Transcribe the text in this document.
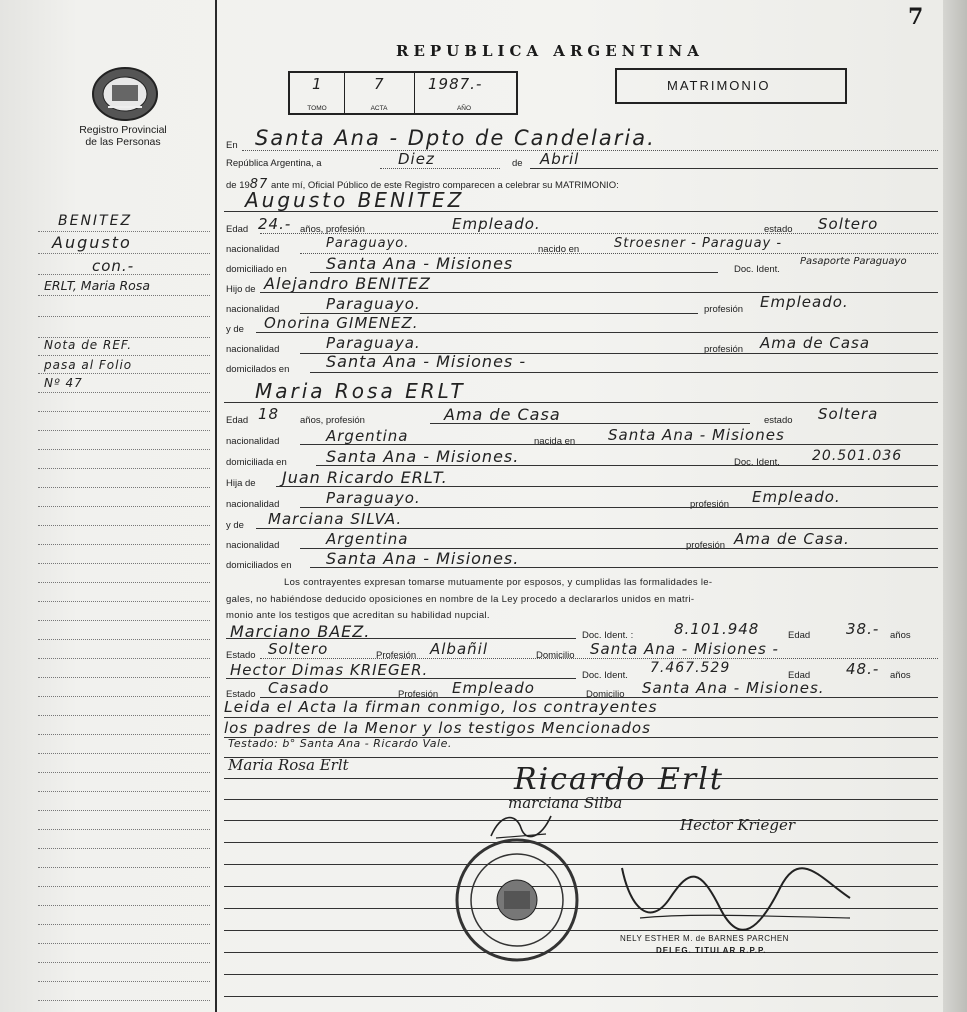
7
Registro Provincial
de las Personas
REPUBLICA ARGENTINA
1
TOMO
7
ACTA
1987.-
AÑO
MATRIMONIO
En Santa Ana - Dpto de Candelaria.
República Argentina, a	Diez	de Abril
de 1987 ante mí, Oficial Público de este Registro comparecen a celebrar su MATRIMONIO:
Augusto BENITEZ
Edad 24.- años, profesión	Empleado.	estado Soltero
nacionalidad	Paraguayo.	nacido en	Stroesner - Paraguay -
domiciliado en Santa Ana - Misiones	Doc. Ident.
Pasaporte Paraguayo
Hijo de Alejandro BENITEZ
nacionalidad	Paraguayo.	profesión Empleado.
y de Onorina GIMENEZ.
nacionalidad	Paraguaya.	profesión Ama de Casa
domicilados en Santa Ana - Misiones -
Maria Rosa ERLT
Edad 18 años, profesión	Ama de Casa	estado Soltera
nacionalidad	Argentina	nacida en Santa Ana - Misiones
domiciliada en Santa Ana - Misiones.	Doc. Ident. 20.501.036
Hija de Juan Ricardo ERLT.
nacionalidad	Paraguayo.	profesión Empleado.
y de Marciana SILVA.
nacionalidad	Argentina	profesión Ama de Casa.
domiciliados en Santa Ana - Misiones.
Los contrayentes expresan tomarse mutuamente por esposos, y cumplidas las formalidades le-
gales, no habiéndose deducido oposiciones en nombre de la Ley procedo a declararlos unidos en matri-
monio ante los testigos que acreditan su habilidad nupcial.
Marciano BAEZ.	Doc. Ident. :	8.101.948	Edad 38.- años
Estado Soltero	Profesión Albañil	Domicilio Santa Ana - Misiones -
Hector Dimas KRIEGER.	Doc. Ident. 7.467.529	Edad 48.- años
Estado Casado	Profesión Empleado	Domicilio Santa Ana - Misiones.
Leida el Acta la firman conmigo, los contrayentes
los padres de la Menor y los testigos Mencionados
Testado: b° Santa Ana - Ricardo Vale.
Maria Rosa Erlt	Ricardo Erlt
marciana Silba
Hector Krieger
NELY ESTHER M. de BARNES PARCHEN
DELEG. TITULAR R.P.P.
BENITEZ
Augusto
con.-
ERLT, Maria Rosa
Nota de REF.
pasa al Folio
Nº 47
